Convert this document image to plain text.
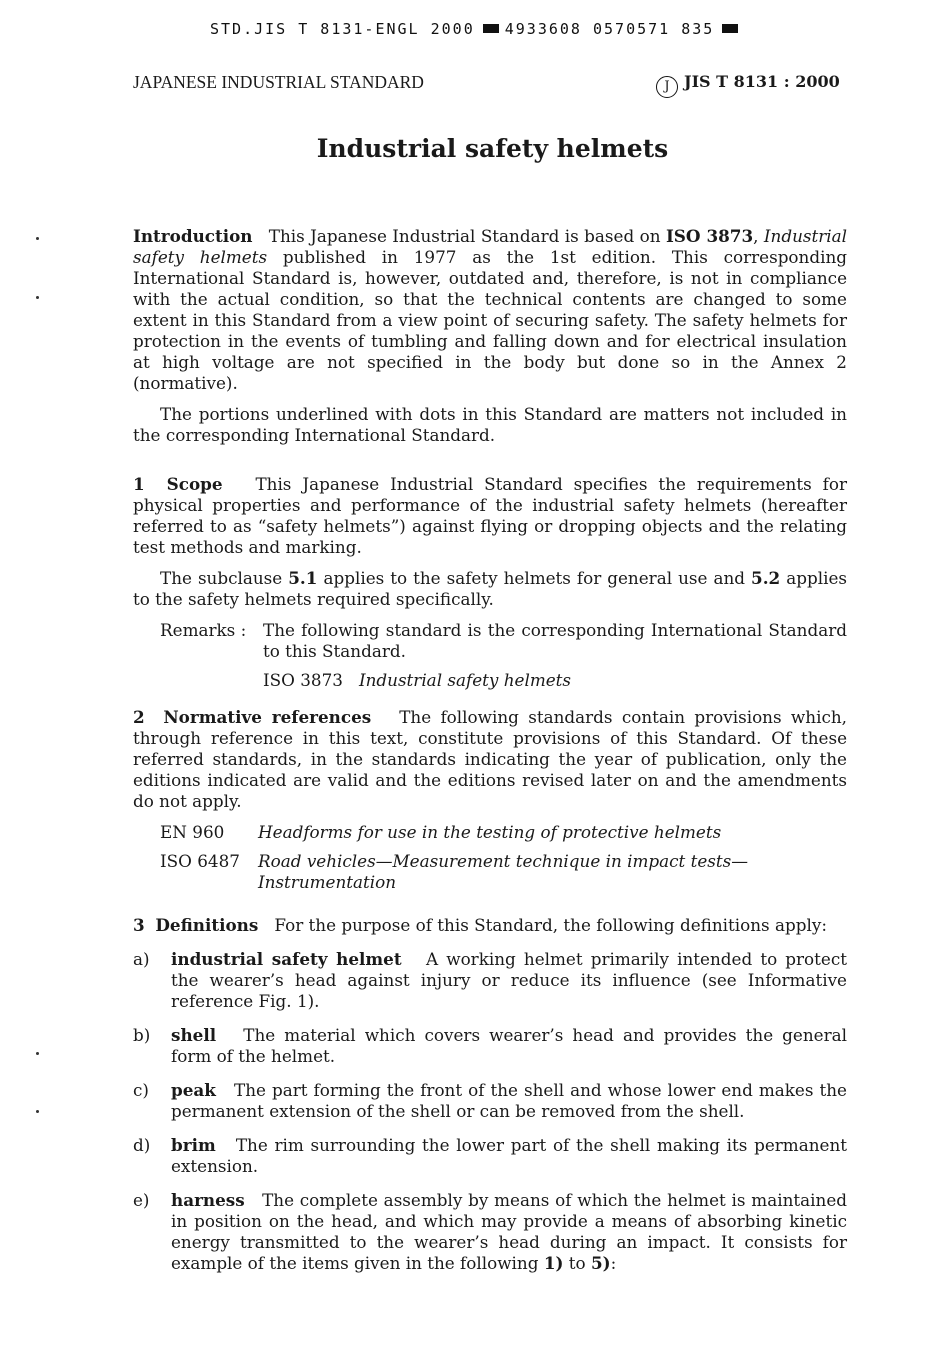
STD.JIS T 8131-ENGL 2000 4933608 0570571 835
JAPANESE INDUSTRIAL STANDARD	J JIS T 8131 : 2000
Industrial safety helmets

Introduction This Japanese Industrial Standard is based on ISO 3873, Industrial safety helmets published in 1977 as the 1st edition. This corresponding International Standard is, however, outdated and, therefore, is not in compliance with the actual condition, so that the technical contents are changed to some extent in this Standard from a view point of securing safety. The safety helmets for protection in the events of tumbling and falling down and for electrical insulation at high voltage are not specified in the body but done so in the Annex 2 (normative).

The portions underlined with dots in this Standard are matters not included in the corresponding International Standard.

1 Scope This Japanese Industrial Standard specifies the requirements for physical properties and performance of the industrial safety helmets (hereafter referred to as “safety helmets”) against flying or dropping objects and the relating test methods and marking.

The subclause 5.1 applies to the safety helmets for general use and 5.2 applies to the safety helmets required specifically.

Remarks : The following standard is the corresponding International Standard to this Standard.
ISO 3873 Industrial safety helmets

2 Normative references The following standards contain provisions which, through reference in this text, constitute provisions of this Standard. Of these referred standards, in the standards indicating the year of publication, only the editions indicated are valid and the editions revised later on and the amendments do not apply.

EN 960	Headforms for use in the testing of protective helmets
ISO 6487	Road vehicles—Measurement technique in impact tests—Instrumentation

3 Definitions For the purpose of this Standard, the following definitions apply:

a)	industrial safety helmet A working helmet primarily intended to protect the wearer’s head against injury or reduce its influence (see Informative reference Fig. 1).
b)	shell The material which covers wearer’s head and provides the general form of the helmet.
c)	peak The part forming the front of the shell and whose lower end makes the permanent extension of the shell or can be removed from the shell.
d)	brim The rim surrounding the lower part of the shell making its permanent extension.
e)	harness The complete assembly by means of which the helmet is maintained in position on the head, and which may provide a means of absorbing kinetic energy transmitted to the wearer’s head during an impact. It consists for example of the items given in the following 1) to 5):
